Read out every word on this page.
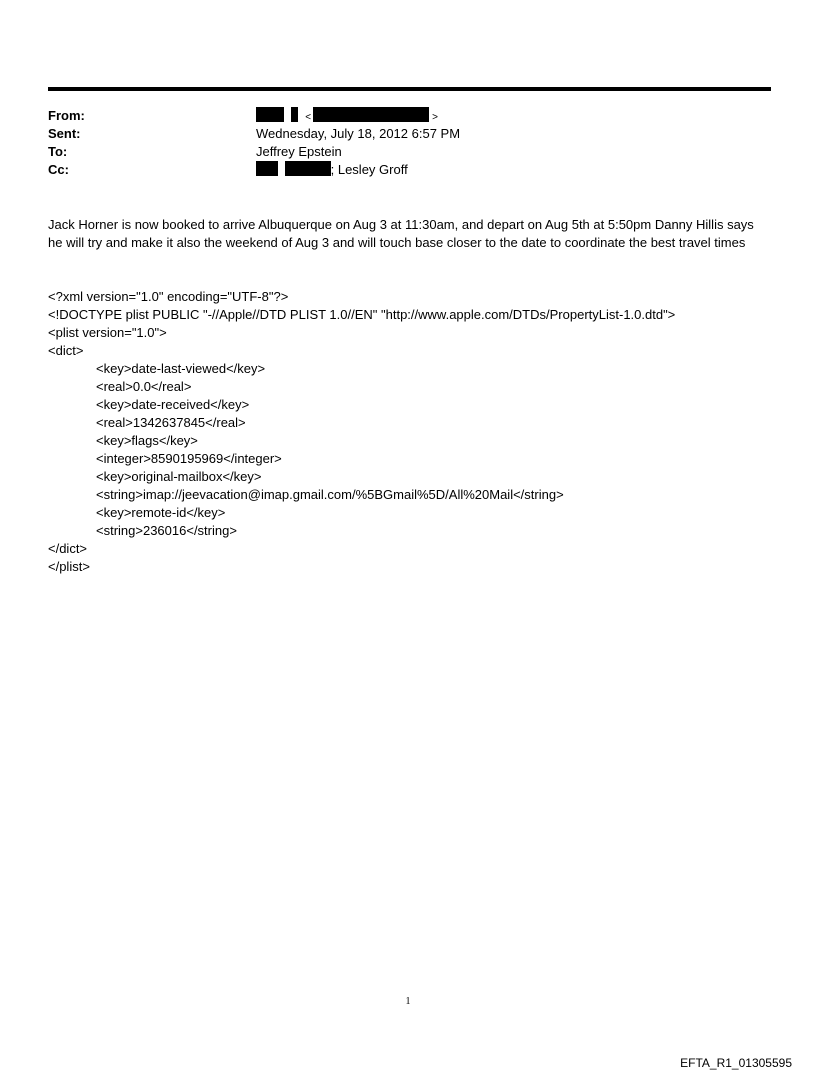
From:	<	>
Sent:	Wednesday, July 18, 2012 6:57 PM
To:	Jeffrey Epstein
Cc:	; Lesley Groff

Jack Horner is now booked to arrive Albuquerque on Aug 3 at 11:30am, and depart on Aug 5th at 5:50pm Danny Hillis says he will try and make it also the weekend of Aug 3 and will touch base closer to the date to coordinate the best travel times

<?xml version="1.0" encoding="UTF-8"?>
<!DOCTYPE plist PUBLIC "-//Apple//DTD PLIST 1.0//EN" "http://www.apple.com/DTDs/PropertyList-1.0.dtd">
<plist version="1.0">
<dict>
<key>date-last-viewed</key>
<real>0.0</real>
<key>date-received</key>
<real>1342637845</real>
<key>flags</key>
<integer>8590195969</integer>
<key>original-mailbox</key>
<string>imap://jeevacation@imap.gmail.com/%5BGmail%5D/All%20Mail</string>
<key>remote-id</key>
<string>236016</string>
</dict>
</plist>
1
EFTA_R1_01305595
